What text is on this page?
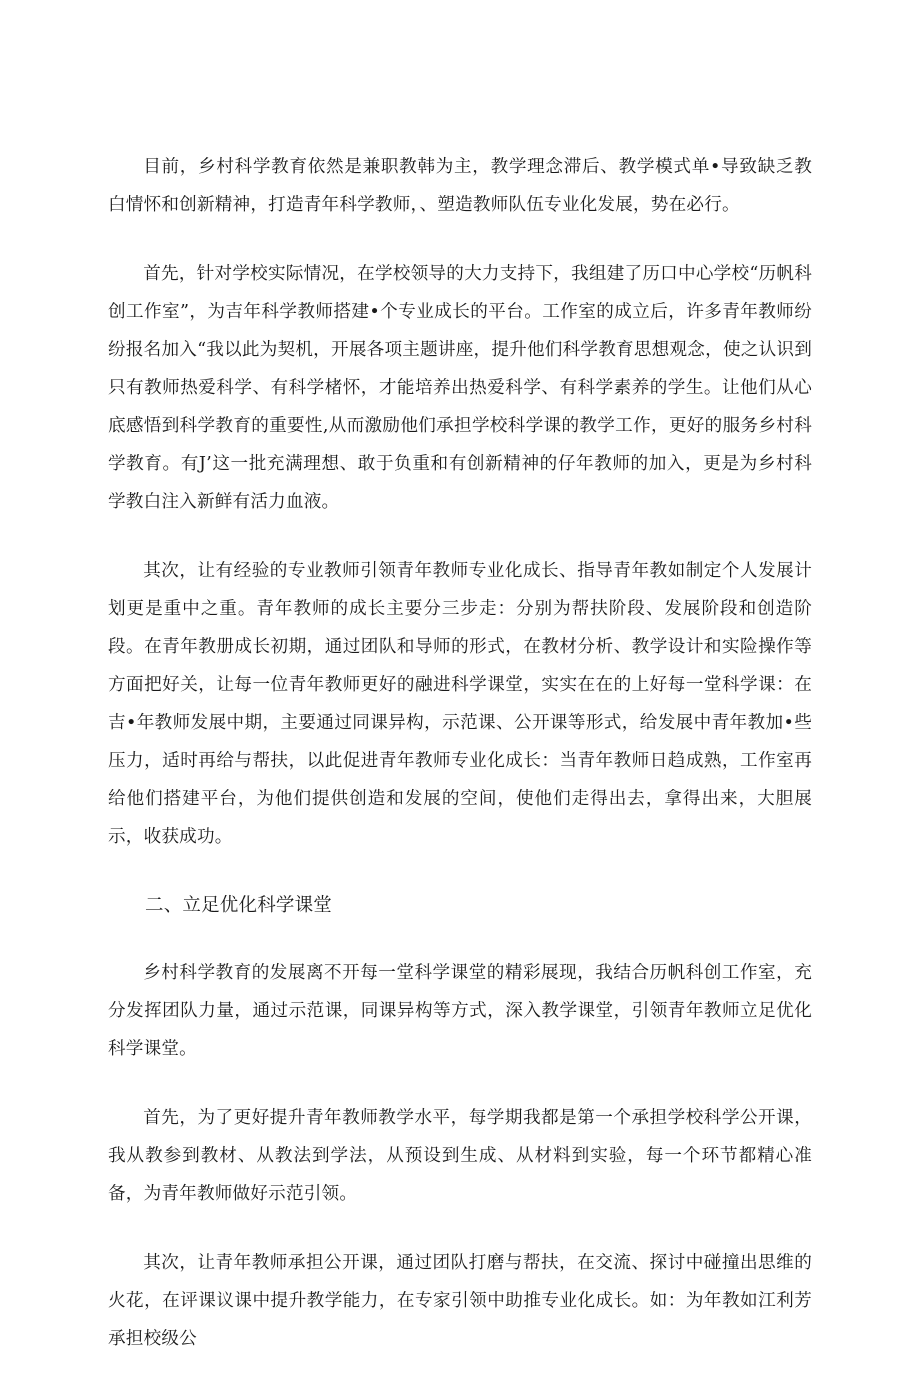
目前，乡村科学教育依然是兼职教韩为主，教学理念滞后、教学模式单•导致缺乏教白情怀和创新精神，打造青年科学教师，、塑造教师队伍专业化发展，势在必行。

首先，针对学校实际情况，在学校领导的大力支持下，我组建了历口中心学校“历帆科创工作室”，为吉年科学教师搭建•个专业成长的平台。工作室的成立后，许多青年教师纷纷报名加入“我以此为契机，开展各项主题讲座，提升他们科学教育思想观念，使之认识到只有教师热爱科学、有科学楮怀，才能培养出热爱科学、有科学素养的学生。让他们从心底感悟到科学教育的重要性,从而激励他们承担学校科学课的教学工作，更好的服务乡村科学教育。有J’这一批充满理想、敢于负重和有创新精神的仔年教师的加入，更是为乡村科学教白注入新鲜有活力血液。

其次，让有经验的专业教师引领青年教师专业化成长、指导青年教如制定个人发展计划更是重中之重。青年教师的成长主要分三步走：分别为帮扶阶段、发展阶段和创造阶段。在青年教册成长初期，通过团队和导师的形式，在教材分析、教学设计和实险操作等方面把好关，让每一位青年教师更好的融进科学课堂，实实在在的上好每一堂科学课：在吉•年教师发展中期，主要通过同课异构，示范课、公开课等形式，给发展中青年教加•些压力，适时再给与帮扶，以此促进青年教师专业化成长：当青年教师日趋成熟，工作室再给他们搭建平台，为他们提供创造和发展的空间，使他们走得出去，拿得出来，大胆展示，收获成功。

二、立足优化科学课堂

乡村科学教育的发展离不开每一堂科学课堂的精彩展现，我结合历帆科创工作室，充分发挥团队力量，通过示范课，同课异构等方式，深入教学课堂，引领青年教师立足优化科学课堂。

首先，为了更好提升青年教师教学水平，每学期我都是第一个承担学校科学公开课，我从教参到教材、从教法到学法，从预设到生成、从材料到实验，每一个环节都精心准备，为青年教师做好示范引领。

其次，让青年教师承担公开课，通过团队打磨与帮扶，在交流、探讨中碰撞出思维的火花，在评课议课中提升教学能力，在专家引领中助推专业化成长。如：为年教如江利芳承担校级公
